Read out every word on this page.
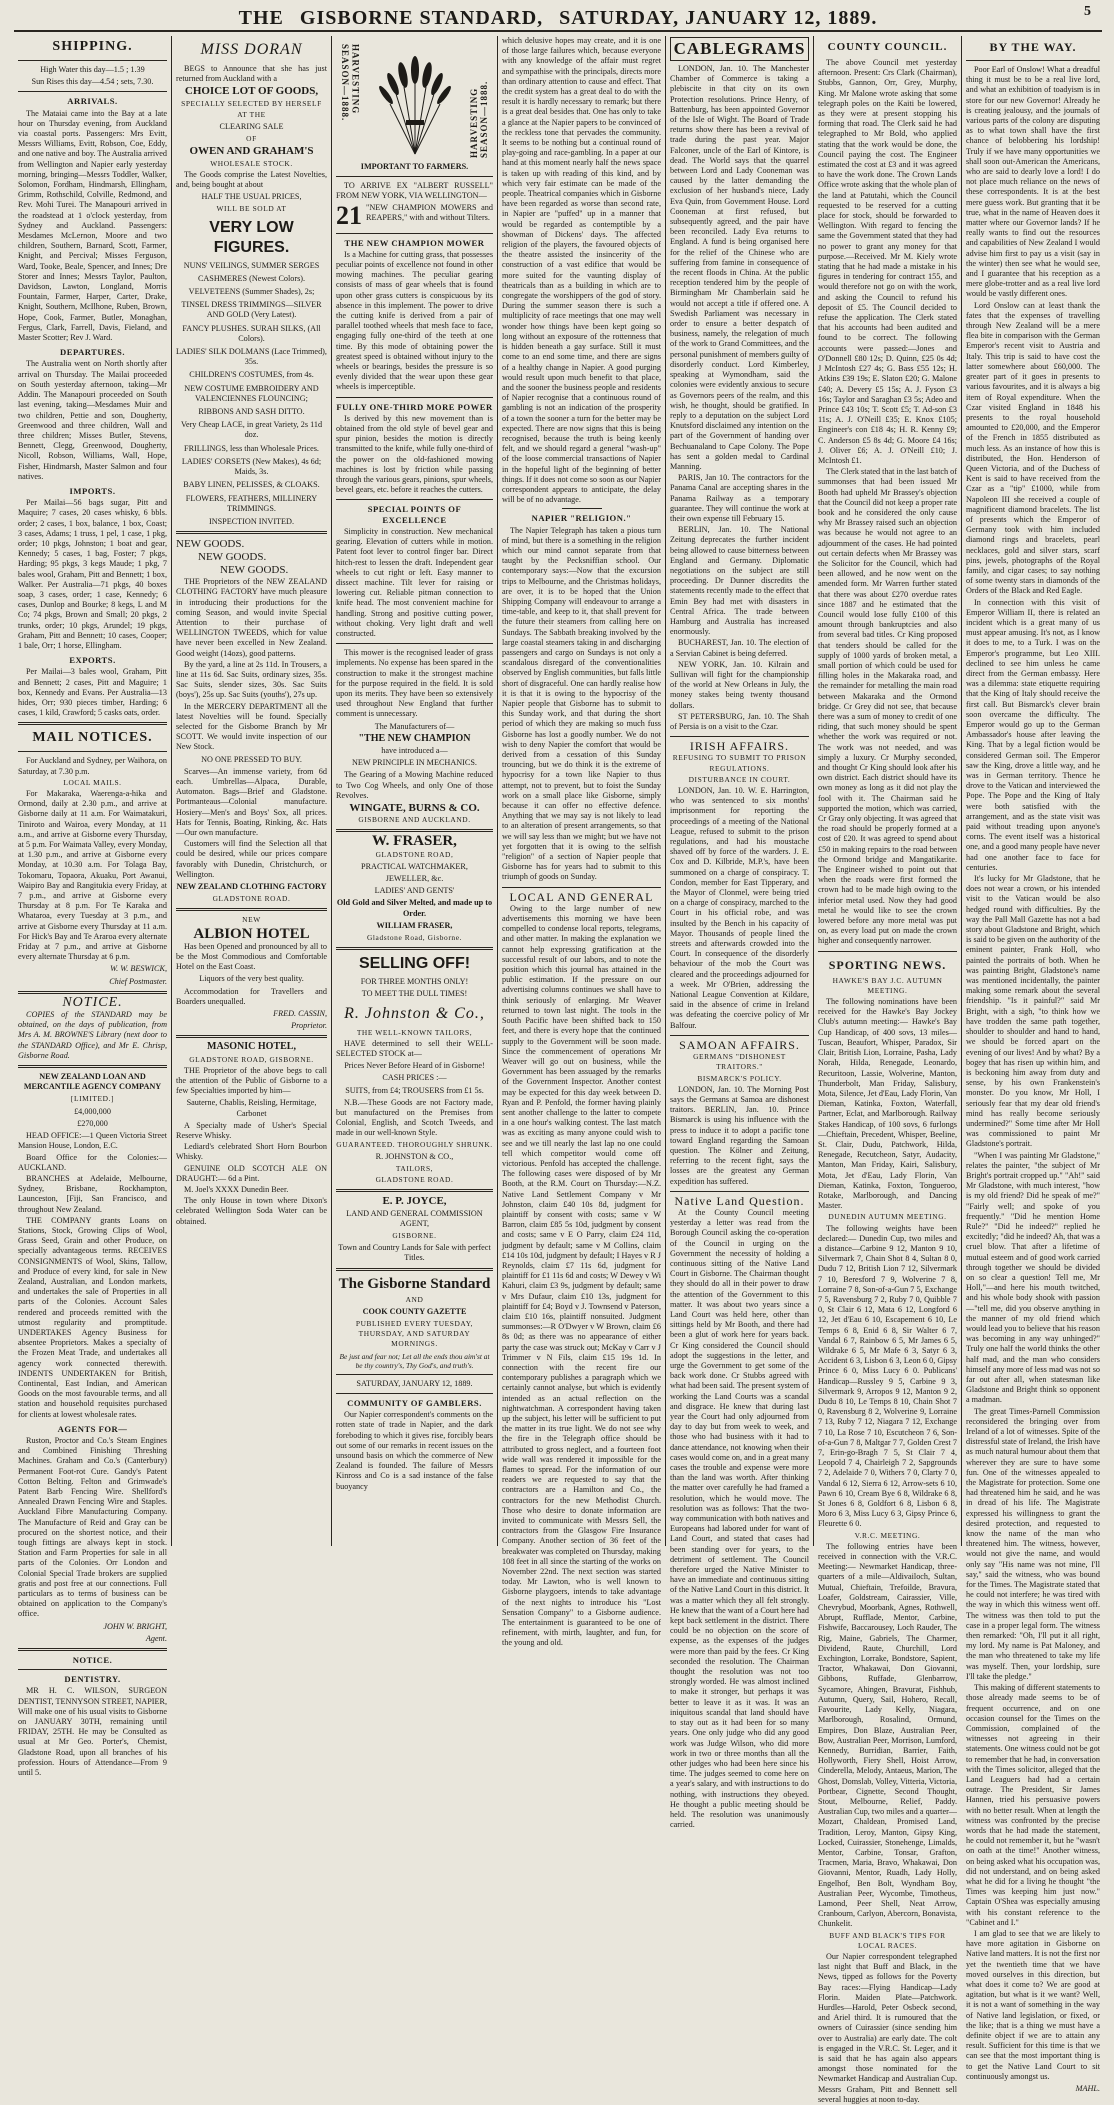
THE GISBORNE STANDARD, SATURDAY, JANUARY 12, 1889.	5
SHIPPING.
High Water this day—1.5 ; 1.39
Sun Rises this day—4.54 ; sets, 7.30.
ARRIVALS.

The Mataiai came into the Bay at a late hour on Thursday evening, from Auckland via coastal ports. Passengers: Mrs Evitt, Messrs Williams, Evitt, Robson, Coe, Eddy, and one native and boy. The Australia arrived from Wellington and Napier early yesterday morning, bringing—Messrs Toddler, Walker, Solomon, Fordham, Hindmarsh, Ellingham, Grimm, Rothschild, Colville, Redmond, and Rev. Mohi Turei. The Manapouri arrived in the roadstead at 1 o'clock yesterday, from Sydney and Auckland. Passengers: Mesdames McLernon, Moore and two children, Southern, Barnard, Scott, Farmer, Knight, and Percival; Misses Ferguson, Ward, Tooke, Beale, Spencer, and Innes; Dre Storer and Innes; Messrs Taylor, Paulton, Davidson, Lawton, Longland, Morris Fountain, Farmer, Harper, Carter, Drake, Knight, Southern, McIlhone, Ruben, Brown, Hope, Cook, Farmer, Butler, Monaghan, Fergus, Clark, Farrell, Davis, Fieland, and Master Scotter; Rev J. Ward.

DEPARTURES.

The Australia went on North shortly after arrival on Thursday. The Mailai proceeded on South yesterday afternoon, taking—Mr Addin. The Manapouri proceeded on South last evening, taking—Mesdames Muir and two children, Pettie and son, Dougherty, Greenwood and three children, Wall and three children; Misses Butler, Stevens, Bennett, Clegg, Greenwood, Dougherty, Nicoll, Robson, Williams, Wall, Hope, Fisher, Hindmarsh, Master Salmon and four natives.

IMPORTS.

Per Mailai—56 bags sugar, Pitt and Maquire; 7 cases, 20 cases whisky, 6 bbls. order; 2 cases, 1 box, balance, 1 box, Coast; 3 cases, Adams; 1 truss, 1 pel, 1 case, 1 pkg, order; 10 pkgs, Johnston; 1 boat and gear, Kennedy; 5 cases, 1 bag, Foster; 7 pkgs, Harding; 95 pkgs, 3 kegs Maude; 1 pkg, 7 bales wool, Graham, Pitt and Bennett; 1 box, Walker. Per Australia—71 pkgs, 40 boxes soap, 3 cases, order; 1 case, Kennedy; 6 cases, Dunlop and Bourke; 8 kegs, L and M Co; 74 pkgs, Brown and Small; 20 pkgs, 2 trunks, order; 10 pkgs, Arundel; 19 pkgs, Graham, Pitt and Bennett; 10 cases, Cooper; 1 bale, Orr; 1 horse, Ellingham.

EXPORTS.

Per Mailai—3 bales wool, Graham, Pitt and Bennett; 2 cases, Pitt and Maguire; 1 box, Kennedy and Evans. Per Australia—13 hides, Orr; 930 pieces timber, Harding; 6 cases, 1 kild, Crawford; 5 casks oats, order.

MAIL NOTICES.

For Auckland and Sydney, per Waihora, on Saturday, at 7.30 p.m.

LOCAL MAILS.

For Makaraka, Waerenga-a-hika and Ormond, daily at 2.30 p.m., and arrive at Gisborne daily at 11 a.m. For Waimatakuri, Tiniroto and Wairoa, every Monday, at 11 a.m., and arrive at Gisborne every Thursday, at 5 p.m. For Waimata Valley, every Monday, at 1.30 p.m., and arrive at Gisborne every Monday, at 10.30 a.m. For Tolaga Bay, Tokomaru, Topaora, Akuaku, Port Awanui, Waipiro Bay and Rangitukia every Friday, at 7 p.m., and arrive at Gisborne every Thursday at 8 p.m. For Te Karaka and Whataroa, every Tuesday at 3 p.m., and arrive at Gisborne every Thursday at 11 a.m. For Hick's Bay and Te Araroa every alternate Friday at 7 p.m., and arrive at Gisborne every alternate Thursday at 6 p.m.

W. W. BESWICK,
Chief Postmaster.
NOTICE.

COPIES of the STANDARD may be obtained, on the days of publication, from Mrs A. M. BROWNE'S Library (next door to the STANDARD Office), and Mr E. Chrisp, Gisborne Road.

NEW ZEALAND LOAN AND MERCANTILE AGENCY COMPANY
[LIMITED.]
£4,000,000
£270,000

HEAD OFFICE:—1 Queen Victoria Street Mansion House, London, E.C.

Board Office for the Colonies:—AUCKLAND.

BRANCHES at Adelaide, Melbourne, Sydney, Brisbane, Rockhampton, Launceston, [Fiji, San Francisco, and throughout New Zealand.

THE COMPANY grants Loans on Stations, Stock, Growing Clips of Wool, Grass Seed, Grain and other Produce, on specially advantageous terms. RECEIVES CONSIGNMENTS of Wool, Skins, Tallow, and Produce of every kind, for sale in New Zealand, Australian, and London markets, and undertakes the sale of Properties in all parts of the Colonies. Account Sales rendered and proceeds remitted with the utmost regularity and promptitude. UNDERTAKES Agency Business for absentee Proprietors. Makes a specialty of the Frozen Meat Trade, and undertakes all agency work connected therewith. INDENTS UNDERTAKEN for British, Continental, East Indian, and American Goods on the most favourable terms, and all station and household requisites purchased for clients at lowest wholesale rates.

AGENTS FOR—

Ruston, Proctor and Co.'s Steam Engines and Combined Finishing Threshing Machines. Graham and Co.'s (Canterbury) Permanent Foot-rot Cure. Gandy's Patent Cotton Belting. Felton and Grimwade's Patent Barb Fencing Wire. Shellford's Annealed Drawn Fencing Wire and Staples. Auckland Fibre Manufacturing Company. The Manufacture of Reid and Gray can be procured on the shortest notice, and their tough fittings are always kept in stock. Station and Farm Properties for sale in all parts of the Colonies. Orr London and Colonial Special Trade brokers are supplied gratis and post free at our connections. Full particulars as to terms of business can be obtained on application to the Company's office.

JOHN W. BRIGHT,
Agent.
NOTICE.
DENTISTRY.

MR H. C. WILSON, SURGEON DENTIST, TENNYSON STREET, NAPIER, Will make one of his usual visits to Gisborne on JANUARY 30TH, remaining until FRIDAY, 25TH. He may be Consulted as usual at Mr Geo. Porter's, Chemist, Gladstone Road, upon all branches of his profession. Hours of Attendance—From 9 until 5.

MISS DORAN

BEGS to Announce that she has just returned from Auckland with a

CHOICE LOT OF GOODS,
SPECIALLY SELECTED BY HERSELF
AT THE
CLEARING SALE
OF
OWEN AND GRAHAM'S
WHOLESALE STOCK.

The Goods comprise the Latest Novelties, and, being bought at about

HALF THE USUAL PRICES,
WILL BE SOLD AT
VERY LOW FIGURES.
NUNS' VEILINGS, SUMMER SERGES
CASHMERES (Newest Colors).
VELVETEENS (Summer Shades), 2s;
TINSEL DRESS TRIMMINGS—SILVER AND GOLD (Very Latest).
FANCY PLUSHES. SURAH SILKS, (All Colors).
LADIES' SILK DOLMANS (Lace Trimmed), 35s.
CHILDREN'S COSTUMES, from 4s.
NEW COSTUME EMBROIDERY AND VALENCIENNES FLOUNCING;
RIBBONS AND SASH DITTO.
Very Cheap LACE, in great Variety, 2s 11d doz.
FRILLINGS, less than Wholesale Prices.
LADIES' CORSETS (New Makes), 4s 6d; Maids, 3s.
BABY LINEN, PELISSES, & CLOAKS.
FLOWERS, FEATHERS, MILLINERY TRIMMINGS.
INSPECTION INVITED.
NEW GOODS.
NEW GOODS.
NEW GOODS.

THE Proprietors of the NEW ZEALAND CLOTHING FACTORY have much pleasure in introducing their productions for the coming Season, and would invite Special Attention to their purchase of WELLINGTON TWEEDS, which for value have never been excelled in New Zealand. Good weight (14ozs), good patterns.

By the yard, a line at 2s 11d. In Trousers, a line at 11s 6d. Sac Suits, ordinary sizes, 35s. Sac Suits, slender sizes, 30s. Sac Suits (boys'), 25s up. Sac Suits (youths'), 27s up.

In the MERCERY DEPARTMENT all the latest Novelties will be found. Specially selected for the Gisborne Branch by Mr SCOTT. We would invite inspection of our New Stock.

NO ONE PRESSED TO BUY.

Scarves—An immense variety, from 6d each. Umbrellas—Alpaca, Durable, Automaton. Bags—Brief and Gladstone. Portmanteaus—Colonial manufacture. Hosiery—Men's and Boys' Sox, all prices. Hats for Tennis, Boating, Rinking, &c. Hats—Our own manufacture.

Customers will find the Selection all that could be desired, while our prices compare favorably with Dunedin, Christchurch, or Wellington.

NEW ZEALAND CLOTHING FACTORY
GLADSTONE ROAD.
NEW
ALBION HOTEL

Has been Opened and pronounced by all to be the Most Commodious and Comfortable Hotel on the East Coast.

Liquors of the very best quality.

Accommodation for Travellers and Boarders unequalled.

FRED. CASSIN,
Proprietor.
MASONIC HOTEL,
GLADSTONE ROAD, GISBORNE.

THE Proprietor of the above begs to call the attention of the Public of Gisborne to a few Specialties imported by him—

Sauterne, Chablis, Reisling, Hermitage, Carbonet

A Specialty made of Usher's Special Reserve Whisky.

Lediard's celebrated Short Horn Bourbon Whisky.

GENUINE OLD SCOTCH ALE ON DRAUGHT:— 6d a Pint.

M. Joel's XXXX Dunedin Beer.

The only House in town where Dixon's celebrated Wellington Soda Water can be obtained.

HARVESTING SEASON—1888.
HARVESTING SEASON—1888.
IMPORTANT TO FARMERS.

TO ARRIVE EX "ALBERT RUSSELL" FROM NEW YORK, VIA WELLINGTON—

21 "NEW CHAMPION MOWERS and REAPERS," with and without Tilters.
THE NEW CHAMPION MOWER

Is a Machine for cutting grass, that possesses peculiar points of excellence not found in other mowing machines. The peculiar gearing consists of mass of gear wheels that is found upon other grass cutters is conspicuous by its absence in this implement. The power to drive the cutting knife is derived from a pair of parallel toothed wheels that mesh face to face, engaging fully one-third of the teeth at one time. By this mode of obtaining power the greatest speed is obtained without injury to the wheels or bearings, besides the pressure is so evenly divided that the wear upon these gear wheels is imperceptible.

FULLY ONE-THIRD MORE POWER

Is derived by this new movement than is obtained from the old style of bevel gear and spur pinion, besides the motion is directly transmitted to the knife, while fully one-third of the power on the old-fashioned mowing machines is lost by friction while passing through the various gears, pinions, spur wheels, bevel gears, etc. before it reaches the cutters.

SPECIAL POINTS OF EXCELLENCE

Simplicity in construction. New mechanical gearing. Elevation of cutters while in motion. Patent foot lever to control finger bar. Direct hitch-rest to lessen the draft. Independent gear wheels to cut right or left. Easy manner to dissect machine. Tilt lever for raising or lowering cut. Reliable pitman connection to knife head. The most convenient machine for handling. Strong and positive cutting power, without choking. Very light draft and well constructed.

This mower is the recognised leader of grass implements. No expense has been spared in the construction to make it the strongest machine for the purpose required in the field. It is sold upon its merits. They have been so extensively used throughout New England that further comment is unnecessary.

The Manufacturers of—
"THE NEW CHAMPION
have introduced a—
NEW PRINCIPLE IN MECHANICS.

The Gearing of a Mowing Machine reduced to Two Cog Wheels, and only One of those Revolves.

WINGATE, BURNS & CO.
GISBORNE AND AUCKLAND.
W. FRASER,
GLADSTONE ROAD,
PRACTICAL WATCHMAKER,
JEWELLER, &c.
LADIES' AND GENTS'
Old Gold and Silver Melted, and made up to Order.
WILLIAM FRASER,
Gladstone Road, Gisborne.
SELLING OFF!
FOR THREE MONTHS ONLY!
TO MEET THE DULL TIMES!
R. Johnston & Co.,
THE WELL-KNOWN TAILORS,

HAVE determined to sell their WELL-SELECTED STOCK at—

Prices Never Before Heard of in Gisborne!
CASH PRICES :—
SUITS, from £4; TROUSERS from £1 5s.

N.B.—These Goods are not Factory made, but manufactured on the Premises from Colonial, English, and Scotch Tweeds, and made in our well-known Style.

GUARANTEED. THOROUGHLY SHRUNK.
R. JOHNSTON & CO.,
TAILORS,
GLADSTONE ROAD.
E. P. JOYCE,
LAND AND GENERAL COMMISSION AGENT,
GISBORNE.
Town and Country Lands for Sale with perfect Titles.
The Gisborne Standard
AND
COOK COUNTY GAZETTE
PUBLISHED EVERY TUESDAY, THURSDAY, AND SATURDAY MORNINGS.
Be just and fear not; Let all the ends thou aim'st at be thy country's, Thy God's, and truth's.
SATURDAY, JANUARY 12, 1889.
COMMUNITY OF GAMBLERS.

Our Napier correspondent's comments on the rotten state of trade in Napier, and the dark foreboding to which it gives rise, forcibly bears out some of our remarks in recent issues on the unsound basis on which the commerce of New Zealand is founded. The failure of Messrs Kinross and Co is a sad instance of the false buoyancy

which delusive hopes may create, and it is one of those large failures which, because everyone with any knowledge of the affair must regret and sympathise with the principals, directs more than ordinary attention to cause and effect. That the credit system has a great deal to do with the result it is hardly necessary to remark; but there is a great deal besides that. One has only to take a glance at the Napier papers to be convinced of the reckless tone that pervades the community. It seems to be nothing but a continual round of play-going and race-gambling. In a paper at our hand at this moment nearly half the news space is taken up with reading of this kind, and by which very fair estimate can be made of the people. Theatrical companies which in Gisborne have been regarded as worse than second rate, in Napier are "puffed" up in a manner that would be regarded as contemptible by a showman of Dickens' days. The affected religion of the players, the favoured objects of the theatre assisted the insincerity of the construction of a vast edifice that would be more suited for the vaunting display of theatricals than as a building in which are to congregate the worshippers of the god of story. During the summer season there is such a multiplicity of race meetings that one may well wonder how things have been kept going so long without an exposure of the rottenness that is hidden beneath a gay surface. Still it must come to an end some time, and there are signs of a healthy change in Napier. A good purging would result upon much benefit to that place, and the sooner the business people and residents of Napier recognise that a continuous round of gambling is not an indication of the prosperity of a town the sooner a turn for the better may be expected. There are now signs that this is being recognised, because the truth is being keenly felt, and we should regard a general "wash-up" of the loose commercial transactions of Napier in the hopeful light of the beginning of better things. If it does not come so soon as our Napier correspondent appears to anticipate, the delay will be of no advantage.

NAPIER "RELIGION."

The Napier Telegraph has taken a pious turn of mind, but there is a something in the religion which our mind cannot separate from that taught by the Pecksniffian school. Our contemporary says:—Now that the excursion trips to Melbourne, and the Christmas holidays, are over, it is to be hoped that the Union Shipping Company will endeavour to arrange a time-table, and keep to it, that shall prevent for the future their steamers from calling here on Sundays. The Sabbath breaking involved by the large coastal steamers taking in and discharging passengers and cargo on Sundays is not only a scandalous disregard of the conventionalities observed by English communities, but falls little short of disgraceful. One can hardly realise how it is that it is owing to the hypocrisy of the Napier people that Gisborne has to submit to this Sunday work, and that during the short period of which they are making so much fuss Gisborne has lost a goodly number. We do not wish to deny Napier the comfort that would be derived from a cessation of this Sunday trouncing, but we do think it is the extreme of hypocrisy for a town like Napier to thus attempt, not to prevent, but to foist the Sunday work on a small place like Gisborne, simply because it can offer no effective defence. Anything that we may say is not likely to lead to an alteration of present arrangements, so that we will say less than we might; but we have not yet forgotten that it is owing to the selfish "religion" of a section of Napier people that Gisborne has for years had to submit to this triumph of goods on Sunday.

LOCAL AND GENERAL

Owing to the large number of new advertisements this morning we have been compelled to condense local reports, telegrams, and other matter. In making the explanation we cannot help expressing gratification at the successful result of our labors, and to note the position which this journal has attained in the public estimation. If the pressure on our advertising columns continues we shall have to think seriously of enlarging. Mr Weaver returned to town last night. The tools in the South Pacific have been shifted back to 150 feet, and there is every hope that the continued supply to the Government will be soon made. Since the commencement of operations Mr Weaver will go out on business, while the Government has been assuaged by the remarks of the Government Inspector. Another contest may be expected for this day week between D. Ryan and P. Penfold, the former having plainly sent another challenge to the latter to compete in a one hour's walking contest. The last match was as exciting as many anyone could wish to see and we till nearly the last lap no one could tell which competitor would come off victorious. Penfold has accepted the challenge. The following cases were disposed of by Mr Booth, at the R.M. Court on Thursday:—N.Z. Native Land Settlement Company v Mr Johnston, claim £40 10s 8d, judgment for plaintiff by consent with costs; same v W Barron, claim £85 5s 10d, judgment by consent and costs; same v E O Parry, claim £24 11d, judgment by default; same v M Collins, claim £14 10s 10d, judgment by default; I Hayes v R J Reynolds, claim £7 11s 6d, judgment for plaintiff for £1 11s 6d and costs; W Dewey v Wi Kahuri, claim £3 9s, judgment by default; same v Mrs Dufaur, claim £10 13s, judgment for plaintiff for £4; Boyd v J. Townsend v Paterson, claim £10 16s, plaintiff nonsuited. Judgment summonses:—R O'Dwyer v W Brown, claim £6 8s 0d; as there was no appearance of either party the case was struck out; McKay v Carr v J Trimmer v N Fils, claim £15 19s 1d. In connection with the recent fire our contemporary publishes a paragraph which we certainly cannot analyse, but which is evidently intended as an actual reflection on the nightwatchman. A correspondent having taken up the subject, his letter will be sufficient to put the matter in its true light. We do not see why the fire in the Telegraph office should be attributed to gross neglect, and a fourteen foot wide wall was rendered it impossible for the flames to spread. For the information of our readers we are requested to say that the contractors are a Hamilton and Co., the contractors for the new Methodist Church. Those who desire to donate information are invited to communicate with Messrs Sell, the contractors from the Glasgow Fire Insurance Company. Another section of 36 feet of the breakwater was completed on Thursday, making 108 feet in all since the starting of the works on November 22nd. The next section was started today. Mr Lawton, who is well known to Gisborne playgoers, intends to take advantage of the next nights to introduce his "Lost Sensation Company" to a Gisborne audience. The entertainment is guaranteed to be one of refinement, with mirth, laughter, and fun, for the young and old.

CABLEGRAMS

LONDON, Jan. 10. The Manchester Chamber of Commerce is taking a plebiscite in that city on its own Protection resolutions. Prince Henry, of Battenburg, has been appointed Governor of the Isle of Wight. The Board of Trade returns show there has been a revival of trade during the past year. Major Falconer, uncle of the Earl of Kintore, is dead. The World says that the quarrel between Lord and Lady Cooneman was caused by the latter demanding the exclusion of her husband's niece, Lady Eva Quin, from Government House. Lord Cooneman at first refused, but subsequently agreed, and the pair have been reconciled. Lady Eva returns to England. A fund is being organised here for the relief of the Chinese who are suffering from famine in consequence of the recent floods in China. At the public reception tendered him by the people of Birmingham Mr Chamberlain said he would not accept a title if offered one. A Swedish Parliament was necessary in order to ensure a better despatch of business, namely, the relegation of much of the work to Grand Committees, and the personal punishment of members guilty of disorderly conduct. Lord Kimberley, speaking at Wymondham, said the colonies were evidently anxious to secure as Governors peers of the realm, and this wish, he thought, should be gratified. In reply to a deputation on the subject Lord Knutsford disclaimed any intention on the part of the Government of handing over Bechuanaland to Cape Colony. The Pope has sent a golden medal to Cardinal Manning.

PARIS, Jan 10. The contractors for the Panama Canal are accepting shares in the Panama Railway as a temporary guarantee. They will continue the work at their own expense till February 15.

BERLIN, Jan. 10. The National Zeitung deprecates the further incident being allowed to cause bitterness between England and Germany. Diplomatic negotiations on the subject are still proceeding. Dr Dunner discredits the statements recently made to the effect that Emin Bey had met with disasters in Central Africa. The trade between Hamburg and Australia has increased enormously.

BUCHAREST, Jan. 10. The election of a Servian Cabinet is being deferred.

NEW YORK, Jan. 10. Kilrain and Sullivan will fight for the championship of the world at New Orleans in July, the money stakes being twenty thousand dollars.

ST PETERSBURG, Jan. 10. The Shah of Persia is on a visit to the Czar.

IRISH AFFAIRS.
REFUSING TO SUBMIT TO PRISON REGULATIONS.
DISTURBANCE IN COURT.

LONDON, Jan. 10. W. E. Harrington, who was sentenced to six months' imprisonment for reporting the proceedings of a meeting of the National League, refused to submit to the prison regulations, and had his moustache shaved off by force of the warders. J. E. Cox and D. Kilbride, M.P.'s, have been summoned on a charge of conspiracy. T. Condon, member for East Tipperary, and the Mayor of Clonmel, were being tried on a charge of conspiracy, marched to the Court in his official robe, and was insulted by the Bench in his capacity of Mayor. Thousands of people lined the streets and afterwards crowded into the Court. In consequence of the disorderly behaviour of the mob the Court was cleared and the proceedings adjourned for a week. Mr O'Brien, addressing the National League Convention at Kildare, said in the absence of crime in Ireland was defeating the coercive policy of Mr Balfour.

SAMOAN AFFAIRS.
GERMANS "DISHONEST TRAITORS."
BISMARCK'S POLICY.

LONDON, Jan. 10. The Morning Post says the Germans at Samoa are dishonest traitors. BERLIN, Jan. 10. Prince Bismarck is using his influence with the press to induce it to adopt a pacific tone toward England regarding the Samoan question. The Kölner and Zeitung, referring to the recent fight, says the losses are the greatest any German expedition has suffered.

Native Land Question.

At the County Council meeting yesterday a letter was read from the Borough Council asking the co-operation of the Council in urging on the Government the necessity of holding a continuous sitting of the Native Land Court in Gisborne. The Chairman thought they should do all in their power to draw the attention of the Government to this matter. It was about two years since a Land Court was held here, other than sittings held by Mr Booth, and there had been a glut of work here for years back. Cr King considered the Council should adopt the suggestions in the letter, and urge the Government to get some of the back work done. Cr Stubbs agreed with what had been said. The present system of working the Land Courts was a scandal and disgrace. He knew that during last year the Court had only adjourned from day to day but from week to week, and those who had business with it had to dance attendance, not knowing when their cases would come on, and in a great many cases the trouble and expense were more than the land was worth. After thinking the matter over carefully he had framed a resolution, which he would move. The resolution was as follows: That the two-way communication with both natives and Europeans had labored under for want of Land Court, and stated that cases had been standing over for years, to the detriment of settlement. The Council therefore urged the Native Minister to have an immediate and continuous sitting of the Native Land Court in this district. It was a matter which they all felt strongly. He knew that the want of a Court here had kept back settlement in the district. There could be no objection on the score of expense, as the expenses of the judges were more than paid by the fees. Cr King seconded the resolution. The Chairman thought the resolution was not too strongly worded. He was almost inclined to make it stronger, but perhaps it was better to leave it as it was. It was an iniquitous scandal that land should have to stay out as it had been for so many years. One only judge who did any good work was Judge Wilson, who did more work in two or three months than all the other judges who had been here since his time. The judges seemed to come here on a year's salary, and with instructions to do nothing, with instructions they obeyed. He thought a public meeting should be held. The resolution was unanimously carried.

COUNTY COUNCIL.

The above Council met yesterday afternoon. Present: Crs Clark (Chairman), Stubbs, Gannon, Orr, Grey, Murphy, King. Mr Malone wrote asking that some telegraph poles on the Kaiti be lowered, as they were at present stopping his forming that road. The Clerk said he had telegraphed to Mr Bold, who applied stating that the work would be done, the Council paying the cost. The Engineer estimated the cost at £3 and it was agreed to have the work done. The Crown Lands Office wrote asking that the whole plan of the land at Patutahi, which the Council requested to be reserved for a cutting place for stock, should be forwarded to Wellington. With regard to fencing the same the Government stated that they had no power to grant any money for that purpose.—Received. Mr M. Kiely wrote stating that he had made a mistake in his figures in tendering for contract 155, and would therefore not go on with the work, and asking the Council to refund his deposit of £5. The Council decided to refuse the application. The Clerk stated that his accounts had been audited and found to be correct. The following accounts were passed:—Jones and O'Donnell £80 12s; D. Quinn, £25 0s 4d; J McIntosh £27 4s; G. Bass £55 12s; H. Atkins £39 19s; E. Slaton £20; G. Malone £40; A. Devery £5 15s; A. J. Fyson £3 16s; Taylor and Saraghan £3 5s; Adeo and Prince £43 10s; T. Scott £5; T. Ad-son £3 11s; A. J. O'Neill £35; E. Knox £105; Engineer's con £18 4s; H. R. Kenny £9; C. Anderson £5 8s 4d; G. Moore £4 16s; J. Oliver £6; A. J. O'Neill £10; J. McIntosh £1.

The Clerk stated that in the last batch of summonses that had been issued Mr Booth had upheld Mr Brassey's objection that the Council did not keep a proper rate book and he considered the only cause why Mr Brassey raised such an objection was because he would not agree to an adjournment of the cases. He had pointed out certain defects when Mr Brassey was the Solicitor for the Council, which had been allowed, and he now went on the amended form. Mr Warren further stated that there was about £270 overdue rates since 1887 and he estimated that the Council would lose fully £100 of this amount through bankruptcies and also from several bad titles. Cr King proposed that tenders should be called for the supply of 1000 yards of broken metal, a small portion of which could be used for filling holes in the Makaraka road, and the remainder for metalling the main road between Makaraka and the Ormond bridge. Cr Grey did not see, that because there was a sum of money to credit of one riding, that such money should be spent whether the work was required or not. The work was not needed, and was simply a luxury. Cr Murphy seconded, and thought Cr King should look after his own district. Each district should have its own money as long as it did not play the fool with it. The Chairman said he supported the motion, which was carried, Cr Gray only objecting. It was agreed that the road should be properly formed at a cost of £20. It was agreed to spend about £50 in making repairs to the road between the Ormond bridge and Mangatikarite. The Engineer wished to point out that when the roads were first formed the crown had to be made high owing to the inferior metal used. Now they had good metal he would like to see the crown lowered before any more metal was put on, as every load put on made the crown higher and consequently narrower.

SPORTING NEWS.
HAWKE'S BAY J.C. AUTUMN MEETING.

The following nominations have been received for the Hawke's Bay Jockey Club's autumn meeting:— Hawke's Bay Cup Handicap, of 400 sovs, 13 miles—Tuscan, Beaufort, Whisper, Paradox, Sir Clair, British Lion, Lorraine, Pasha, Lady Norah, Hilda, Renegade, Leonardo, Recuritoon, Lassie, Wolverine, Manton, Thunderbolt, Man Friday, Salisbury, Mota, Silence, Jet d'Eau, Lady Florin, Van Dieman, Katinka, Foxton, Waterfall, Partner, Eclat, and Marlborough. Railway Stakes Handicap, of 100 sovs, 6 furlongs—Chieftain, Precedent, Whisper, Beeline, St. Clair, Dudu, Patchwork, Hilda, Renegade, Recutcheon, Satyr, Audacity, Manton, Man Friday, Kairi, Salisbury, Mota, Jet d'Eau, Lady Florin, Van Dieman, Katinka, Foxton, Tongueroo, Rotake, Marlborough, and Dancing Master.

DUNEDIN AUTUMN MEETING.

The following weights have been declared:— Dunedin Cup, two miles and a distance—Carbine 9 12, Manton 9 10, Silvermark 7, Chain Shot 8 4, Sultan 8 0, Dudu 7 12, British Lion 7 12, Silvermark 7 10, Beresford 7 9, Wolverine 7 8, Lorraine 7 8, Son-of-a-Gun 7 5, Exchange 7 5, Ravensburg 7 2, Ruby 7 0, Quibble 7 0, St Clair 6 12, Mata 6 12, Longford 6 12, Jet d'Eau 6 10, Escapement 6 10, Le Temps 6 8, Enid 6 8, Sir Walter 6 7, Vandal 6 7, Rainbow 6 5, Mr James 6 5, Wildrake 6 5, Mr Mafe 6 3, Satyr 6 3, Accident 6 3, Lisbon 6 3, Leon 6 0, Gipsy Prince 6 0, Miss Lucy 6 0. Publicans' Handicap—Russley 9 5, Carbine 9 3, Silvermark 9, Arropos 9 12, Manton 9 2, Dudu 8 10, Le Temps 8 10, Chain Shot 7 0, Ravensburg 8 2, Wolverine 9, Lorraine 7 13, Ruby 7 12, Niagara 7 12, Exchange 7 10, La Rose 7 10, Escutcheon 7 6, Son-of-a-Gun 7 8, Maltgar 7 7, Golden Crest 7 7, Erin-go-Bragh 7 5, St Clair 7 4, Leopold 7 4, Chairleigh 7 2, Sapgrounds 7 2, Adelaide 7 0, Withers 7 0, Clarty 7 0, Vandal 6 12, Sierra 6 12, Arrow-sets 6 10, Pawn 6 10, Cream Bye 6 8, Wildrake 6 8, St Jones 6 8, Goldfort 6 8, Lisbon 6 8, Moro 6 3, Miss Lucy 6 3, Gipsy Prince 6, Fleurette 6 0.

V.R.C. MEETING.

The following entries have been received in connection with the V.R.C. Meeting:— Newmarket Handicap, three-quarters of a mile—Aldivailoch, Sultan, Mutual, Chieftain, Trefoilde, Bravura, Loafer, Goldstream, Cairassier, Ville, Chevrybud, Moorbank, Agnes, Rothwell, Abrupt, Rufflade, Mentor, Carbine, Fishwife, Baccarousey, Loch Rauder, The Rig, Maine, Gabriels, The Charmer, Dividend, Raute, Churchill, Lord Exchington, Lorrake, Bondstore, Sapient, Tractor, Whakawai, Don Giovanni, Gibbons, Ruffade, Glenbarrow, Sycamore, Ahingen, Bravurat, Fishhub, Autumn, Query, Sail, Hohero, Recall, Favourite, Lady Kelly, Niagara, Marlborough, Rosalind, Ormund, Empires, Don Blaze, Australian Peer, Bow, Australian Peer, Morrison, Lumford, Kennedy, Burridian, Barrier, Faith, Hollyworth, Fiery Shell, Hoist Arrow, Cinderella, Melody, Antaeus, Marion, The Ghost, Domslab, Volley, Vitteria, Victoria, Portbear, Cignette, Second Thought, Stout, Melbourne, Relief, Paddy. Australian Cup, two miles and a quarter—Mozart, Chaldean, Promised Land, Tradition, Leroy, Manton, Gipsy King, Locked, Cuirassier, Stonehenge, Limalds, Mentor, Carbine, Tonsar, Grafton, Tracmen, Maria, Bravo, Whakawai, Don Giovanni, Mentor, Ruadh, Lady Holly, Engelhof, Ben Bolt, Wyndham Boy, Australian Peer, Wycombe, Timotheus, Lamond, Peer Shell, Neat Arrow, Cranbourn, Carlyon, Abercorn, Bonavista, Chunkelit.

BUFF AND BLACK'S TIPS FOR LOCAL RACES.

Our Napier correspondent telegraphed last night that Buff and Black, in the News, tipped as follows for the Poverty Bay races:—Flying Handicap—Lady Florin. Maiden Plate—Patchwork. Hurdles—Harold, Peter Osbeck second, and Ariel third. It is rumoured that the owners of Cuirassier (since sending him over to Australia) are early date. The colt is engaged in the V.R.C. St. Leger, and it is said that he has again also appears amongst those nominated for the Newmarket Handicap and Australian Cup. Messrs Graham, Pitt and Bennett sell several huggies at noon to-day.

BY THE WAY.

Poor Earl of Onslow! What a dreadful thing it must be to be a real live lord, and what an exhibition of toadyism is in store for our new Governor! Already he is creating jealousy, and the journals of various parts of the colony are disputing as to what town shall have the first chance of belobbering his lordship! Truly if we have many opportunities we shall soon out-American the Americans, who are said to dearly love a lord! I do not place much reliance on the news of these correspondents. It is at the best mere guess work. But granting that it be true, what in the name of Heaven does it matter where our Governor lands? If he really wants to find out the resources and capabilities of New Zealand I would advise him first to pay us a visit (say in the winter) then see what he would see, and I guarantee that his reception as a mere globe-trotter and as a real live lord would be vastly different ones.

Lord Onslow can at least thank the fates that the expenses of travelling through New Zealand will be a mere flea bite in comparison with the German Emperor's recent visit to Austria and Italy. This trip is said to have cost the latter somewhere about £60,000. The greater part of it goes in presents to various favourites, and it is always a big item of Royal expenditure. When the Czar visited England in 1848 his presents to the royal household amounted to £20,000, and the Emperor of the French in 1855 distributed as much less. As an instance of how this is distributed, the Hon. Henderson of Queen Victoria, and of the Duchess of Kent is said to have received from the Czar as a "tip" £1000, while from Napoleon III she received a couple of magnificent diamond bracelets. The list of presents which the Emperor of Germany took with him included diamond rings and bracelets, pearl necklaces, gold and silver stars, scarf pins, jewels, photographs of the Royal family, and cigar cases; to say nothing of some twenty stars in diamonds of the Orders of the Black and Red Eagle.

In connection with this visit of Emperor William II, there is related an incident which is a great many of us must appear amusing. It's not, as I know it does to me, to a Turk. I was on the Emperor's programme, but Leo XIII. declined to see him unless he came direct from the German embassy. Here was a dilemma: state etiquette requiring that the King of Italy should receive the first call. But Bismarck's clever brain soon overcame the difficulty. The Emperor would go up to the German Ambassador's house after leaving the King. That by a legal fiction would be considered German soil. The Emperor saw the King, drove a little way, and he was in German territory. Thence he drove to the Vatican and interviewed the Pope. The Pope and the King of Italy were both satisfied with the arrangement, and as the state visit was paid without treading upon anyone's corns. The event itself was a historical one, and a good many people have never had one another face to face for centuries.

It's lucky for Mr Gladstone, that he does not wear a crown, or his intended visit to the Vatican would be also hedged round with difficulties. By the way the Pall Mall Gazette has not a bad story about Gladstone and Bright, which is said to be given on the authority of the eminent painter, Frank Holl, who painted the portraits of both. When he was painting Bright, Gladstone's name was mentioned incidentally, the painter making some remark about the several friendship. "Is it painful?" said Mr Bright, with a sigh, "to think how we have trodden the same path together, shoulder to shoulder and hand to hand, we should be forced apart on the evening of our lives! And by what? By a bogey that has risen up within him, and is beckoning him away from duty and sense, by his own Frankenstein's monster. Do you know, Mr Holl, I seriously fear that my dear old friend's mind has really become seriously undermined?" Some time after Mr Holl was commissioned to paint Mr Gladstone's portrait.

"When I was painting Mr Gladstone," relates the painter, "the subject of Mr Bright's portrait cropped up." "Ah!" said Mr Gladstone, with much interest, "how is my old friend? Did he speak of me?" "Fairly well; and spoke of you frequently." "Did he mention Home Rule?" "Did he indeed?" replied he excitedly; "did he indeed? Ah, that was a cruel blow. That after a lifetime of mutual esteem and of good work carried through together we should be divided on so clear a question! Tell me, Mr Holl,"—and here his mouth twitched, and his whole body shook with passion—"tell me, did you observe anything in the manner of my old friend which would lead you to believe that his reason was becoming in any way unhinged?" Truly one half the world thinks the other half mad, and the man who considers himself any more of less mad was not so far out after all, when statesman like Gladstone and Bright think so opponent a madman.

The great Times-Parnell Commission reconsidered the bringing over from Ireland of a lot of witnesses. Spite of the distressful state of Ireland, the Irish have as much natural humour about them that wherever they are sure to have some fun. One of the witnesses appealed to the Magistrate for protection. Some one had threatened him he said, and he was in dread of his life. The Magistrate expressed his willingness to grant the desired protection, and requested to know the name of the man who threatened him. The witness, however, would not give the name, and would only say "His name was not mine, I'll say," said the witness, who was bound for the Times. The Magistrate stated that he could not interfere; he was tired with the way in which this witness went off. The witness was then told to put the case in a proper legal form. The witness then remarked: "Oh, I'll put it all right, my lord. My name is Pat Maloney, and the man who threatened to take my life was myself. Then, your lordship, sure I'll take the pledge."

This making of different statements to those already made seems to be of frequent occurrence, and on one occasion counsel for the Times on the Commission, complained of the witnesses not agreeing in their statements. One witness could not be got to remember that he had, in conversation with the Times solicitor, alleged that the Land Leaguers had had a certain outrage. The President, Sir James Hannen, tried his persuasive powers with no better result. When at length the witness was confronted by the precise words that he had made the statement, he could not remember it, but he "wasn't on oath at the time!" Another witness, on being asked what his occupation was, did not understand, and on being asked what he did for a living he thought "the Times was keeping him just now." Captain O'Shea was especially amusing with his constant reference to the "Cabinet and I."

I am glad to see that we are likely to have more agitation in Gisborne on Native land matters. It is not the first nor yet the twentieth time that we have moved ourselves in this direction, but what does it come to? We are good at agitation, but what is it we want? Well, it is not a want of something in the way of Native land legislation, or fixed, or the like; that is a thing we must have a definite object if we are to attain any result. Sufficient for this time is that we can see that the most important thing is to get the Native Land Court to sit continuously amongst us.

MAHL.
